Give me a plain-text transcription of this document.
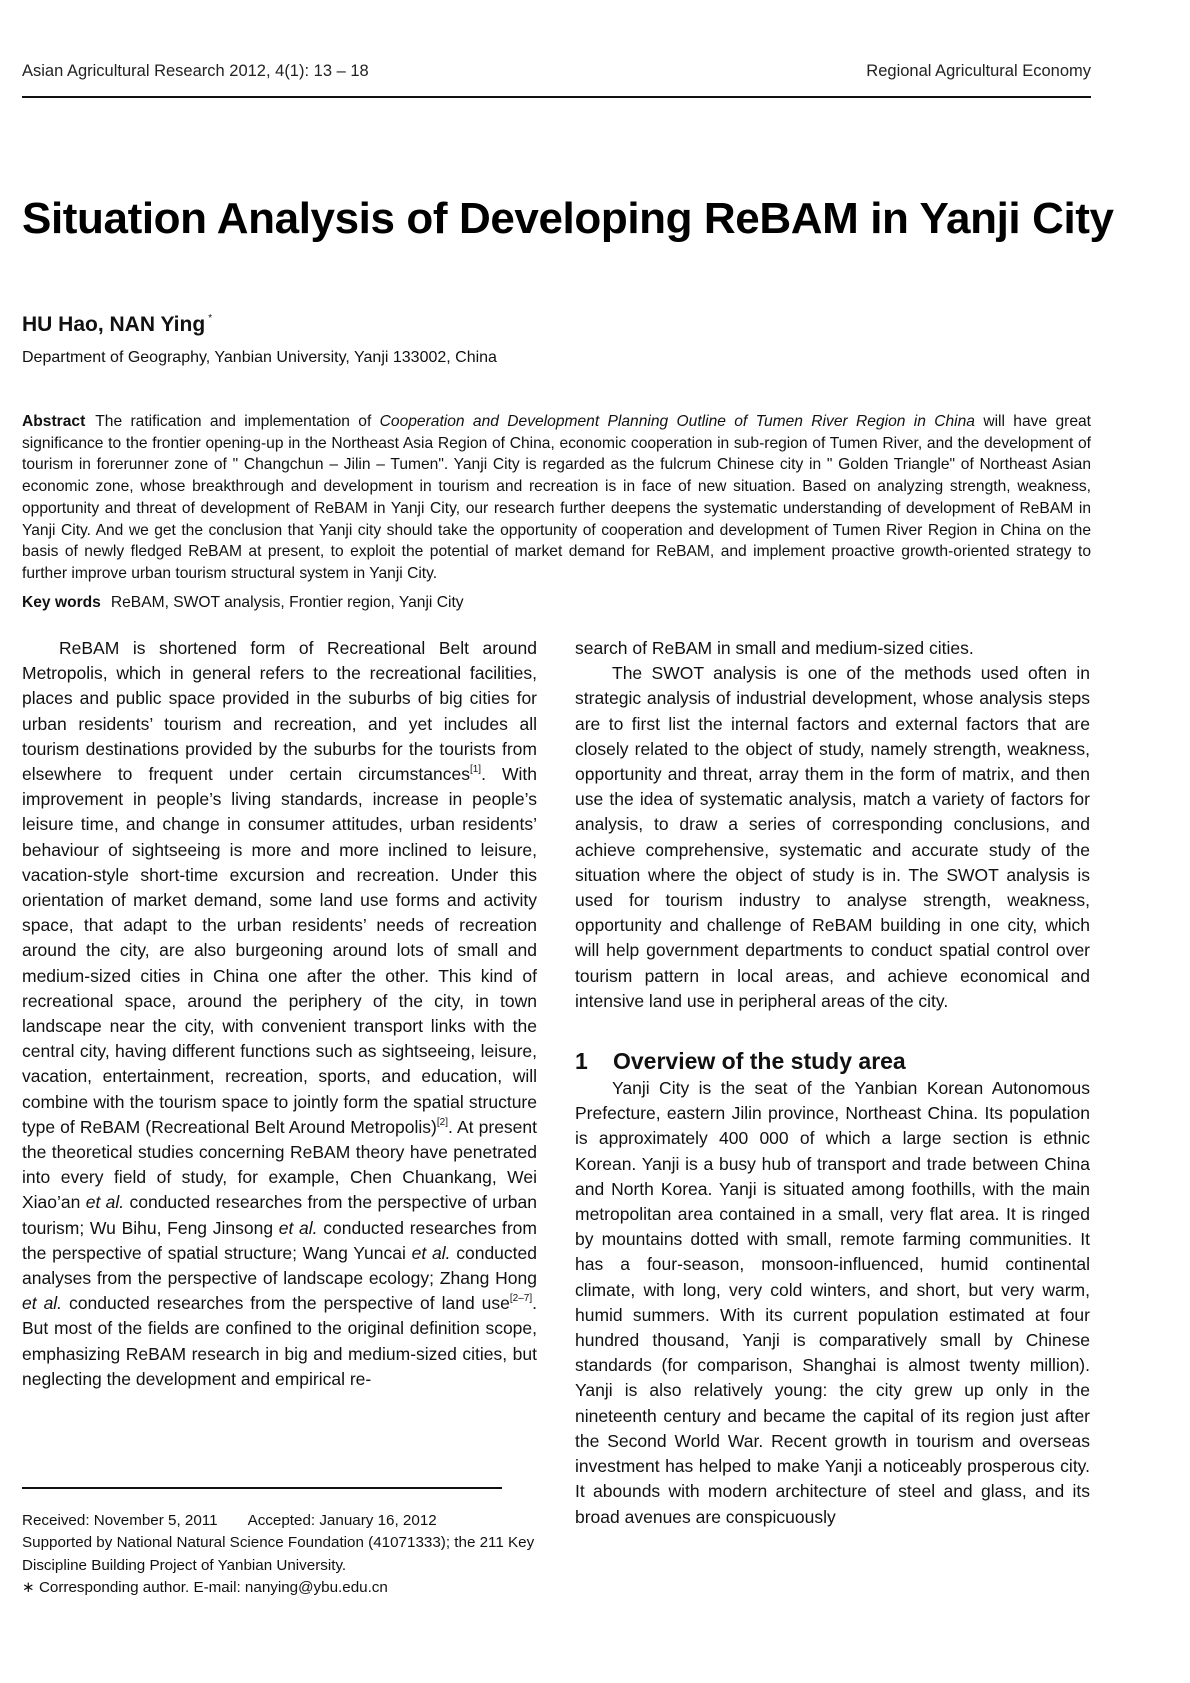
Asian Agricultural Research 2012, 4(1): 13 – 18	Regional Agricultural Economy
Situation Analysis of Developing ReBAM in Yanji City

HU Hao, NAN Ying *

Department of Geography, Yanbian University, Yanji 133002, China

Abstract The ratification and implementation of Cooperation and Development Planning Outline of Tumen River Region in China will have great significance to the frontier opening-up in the Northeast Asia Region of China, economic cooperation in sub-region of Tumen River, and the development of tourism in forerunner zone of " Changchun – Jilin – Tumen". Yanji City is regarded as the fulcrum Chinese city in " Golden Triangle" of Northeast Asian economic zone, whose breakthrough and development in tourism and recreation is in face of new situation. Based on analyzing strength, weakness, opportunity and threat of development of ReBAM in Yanji City, our research further deepens the systematic understanding of development of ReBAM in Yanji City. And we get the conclusion that Yanji city should take the opportunity of cooperation and development of Tumen River Region in China on the basis of newly fledged ReBAM at present, to exploit the potential of market demand for ReBAM, and implement proactive growth-oriented strategy to further improve urban tourism structural system in Yanji City.

Key words ReBAM, SWOT analysis, Frontier region, Yanji City

ReBAM is shortened form of Recreational Belt around Metropolis, which in general refers to the recreational facilities, places and public space provided in the suburbs of big cities for urban residents’ tourism and recreation, and yet includes all tourism destinations provided by the suburbs for the tourists from elsewhere to frequent under certain circumstances[1]. With improvement in people’s living standards, increase in people’s leisure time, and change in consumer attitudes, urban residents’ behaviour of sightseeing is more and more inclined to leisure, vacation-style short-time excursion and recreation. Under this orientation of market demand, some land use forms and activity space, that adapt to the urban residents’ needs of recreation around the city, are also burgeoning around lots of small and medium-sized cities in China one after the other. This kind of recreational space, around the periphery of the city, in town landscape near the city, with convenient transport links with the central city, having different functions such as sightseeing, leisure, vacation, entertainment, recreation, sports, and education, will combine with the tourism space to jointly form the spatial structure type of ReBAM (Recreational Belt Around Metropolis)[2]. At present the theoretical studies concerning ReBAM theory have penetrated into every field of study, for example, Chen Chuankang, Wei Xiao’an et al. conducted researches from the perspective of urban tourism; Wu Bihu, Feng Jinsong et al. conducted researches from the perspective of spatial structure; Wang Yuncai et al. conducted analyses from the perspective of landscape ecology; Zhang Hong et al. conducted researches from the perspective of land use[2–7]. But most of the fields are confined to the original definition scope, emphasizing ReBAM research in big and medium-sized cities, but neglecting the development and empirical re-

search of ReBAM in small and medium-sized cities.

The SWOT analysis is one of the methods used often in strategic analysis of industrial development, whose analysis steps are to first list the internal factors and external factors that are closely related to the object of study, namely strength, weakness, opportunity and threat, array them in the form of matrix, and then use the idea of systematic analysis, match a variety of factors for analysis, to draw a series of corresponding conclusions, and achieve comprehensive, systematic and accurate study of the situation where the object of study is in. The SWOT analysis is used for tourism industry to analyse strength, weakness, opportunity and challenge of ReBAM building in one city, which will help government departments to conduct spatial control over tourism pattern in local areas, and achieve economical and intensive land use in peripheral areas of the city.

1 Overview of the study area

Yanji City is the seat of the Yanbian Korean Autonomous Prefecture, eastern Jilin province, Northeast China. Its population is approximately 400 000 of which a large section is ethnic Korean. Yanji is a busy hub of transport and trade between China and North Korea. Yanji is situated among foothills, with the main metropolitan area contained in a small, very flat area. It is ringed by mountains dotted with small, remote farming communities. It has a four-season, monsoon-influenced, humid continental climate, with long, very cold winters, and short, but very warm, humid summers. With its current population estimated at four hundred thousand, Yanji is comparatively small by Chinese standards (for comparison, Shanghai is almost twenty million). Yanji is also relatively young: the city grew up only in the nineteenth century and became the capital of its region just after the Second World War. Recent growth in tourism and overseas investment has helped to make Yanji a noticeably prosperous city. It abounds with modern architecture of steel and glass, and its broad avenues are conspicuously

Received: November 5, 2011 Accepted: January 16, 2012

Supported by National Natural Science Foundation (41071333); the 211 Key Discipline Building Project of Yanbian University.

∗ Corresponding author. E-mail: nanying@ybu.edu.cn
